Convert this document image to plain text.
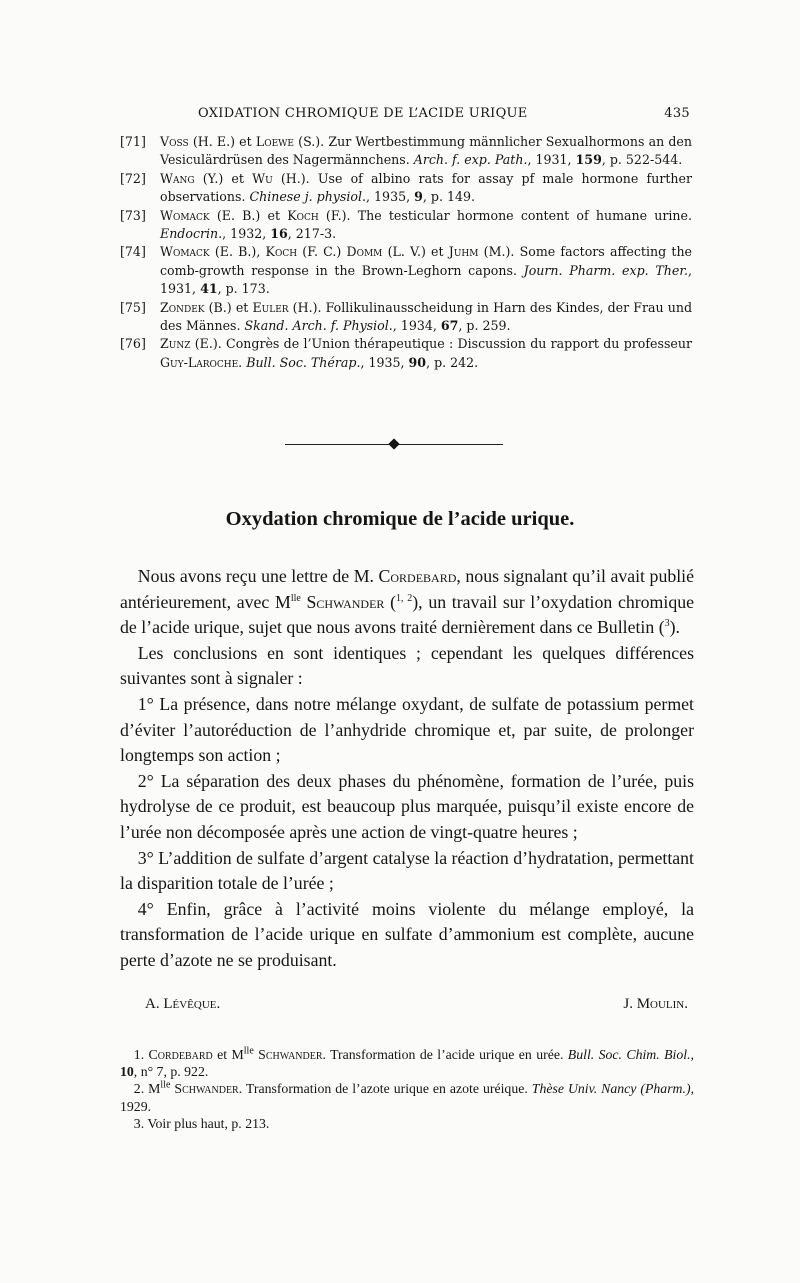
OXIDATION CHROMIQUE DE L’ACIDE URIQUE	435

[71] Voss (H. E.) et Loewe (S.). Zur Wertbestimmung männlicher Sexualhormons an den Vesiculärdrüsen des Nagermännchens. Arch. f. exp. Path., 1931, 159, p. 522-544.

[72] Wang (Y.) et Wu (H.). Use of albino rats for assay pf male hormone further observations. Chinese j. physiol., 1935, 9, p. 149.

[73] Womack (E. B.) et Koch (F.). The testicular hormone content of humane urine. Endocrin., 1932, 16, 217-3.

[74] Womack (E. B.), Koch (F. C.) Domm (L. V.) et Juhm (M.). Some factors affecting the comb-growth response in the Brown-Leghorn capons. Journ. Pharm. exp. Ther., 1931, 41, p. 173.

[75] Zondek (B.) et Euler (H.). Follikulinausscheidung in Harn des Kindes, der Frau und des Männes. Skand. Arch. f. Physiol., 1934, 67, p. 259.

[76] Zunz (E.). Congrès de l’Union thérapeutique : Discussion du rapport du professeur Guy-Laroche. Bull. Soc. Thérap., 1935, 90, p. 242.

Oxydation chromique de l’acide urique.

 Nous avons reçu une lettre de M. Cordebard, nous signalant qu’il avait publié antérieurement, avec $M^{lle}$ Schwander ($^{1, 2}$), un travail sur l’oxydation chromique de l’acide urique, sujet que nous avons traité dernièrement dans ce Bulletin ($^3$).

 Les conclusions en sont identiques ; cependant les quelques différences suivantes sont à signaler :

 1° La présence, dans notre mélange oxydant, de sulfate de potassium permet d’éviter l’autoréduction de l’anhydride chromique et, par suite, de prolonger longtemps son action ;

 2° La séparation des deux phases du phénomène, formation de l’urée, puis hydrolyse de ce produit, est beaucoup plus marquée, puisqu’il existe encore de l’urée non décomposée après une action de vingt-quatre heures ;

 3° L’addition de sulfate d’argent catalyse la réaction d’hydratation, permettant la disparition totale de l’urée ;

 4° Enfin, grâce à l’activité moins violente du mélange employé, la transformation de l’acide urique en sulfate d’ammonium est complète, aucune perte d’azote ne se produisant.

A. Lévêque.	J. Moulin.

 1. Cordebard et $M^{lle}$ Schwander. Transformation de l’acide urique en urée. Bull. Soc. Chim. Biol., 10, n° 7, p. 922.

 2. $M^{lle}$ Schwander. Transformation de l’azote urique en azote uréique. Thèse Univ. Nancy (Pharm.), 1929.

 3. Voir plus haut, p. 213.
